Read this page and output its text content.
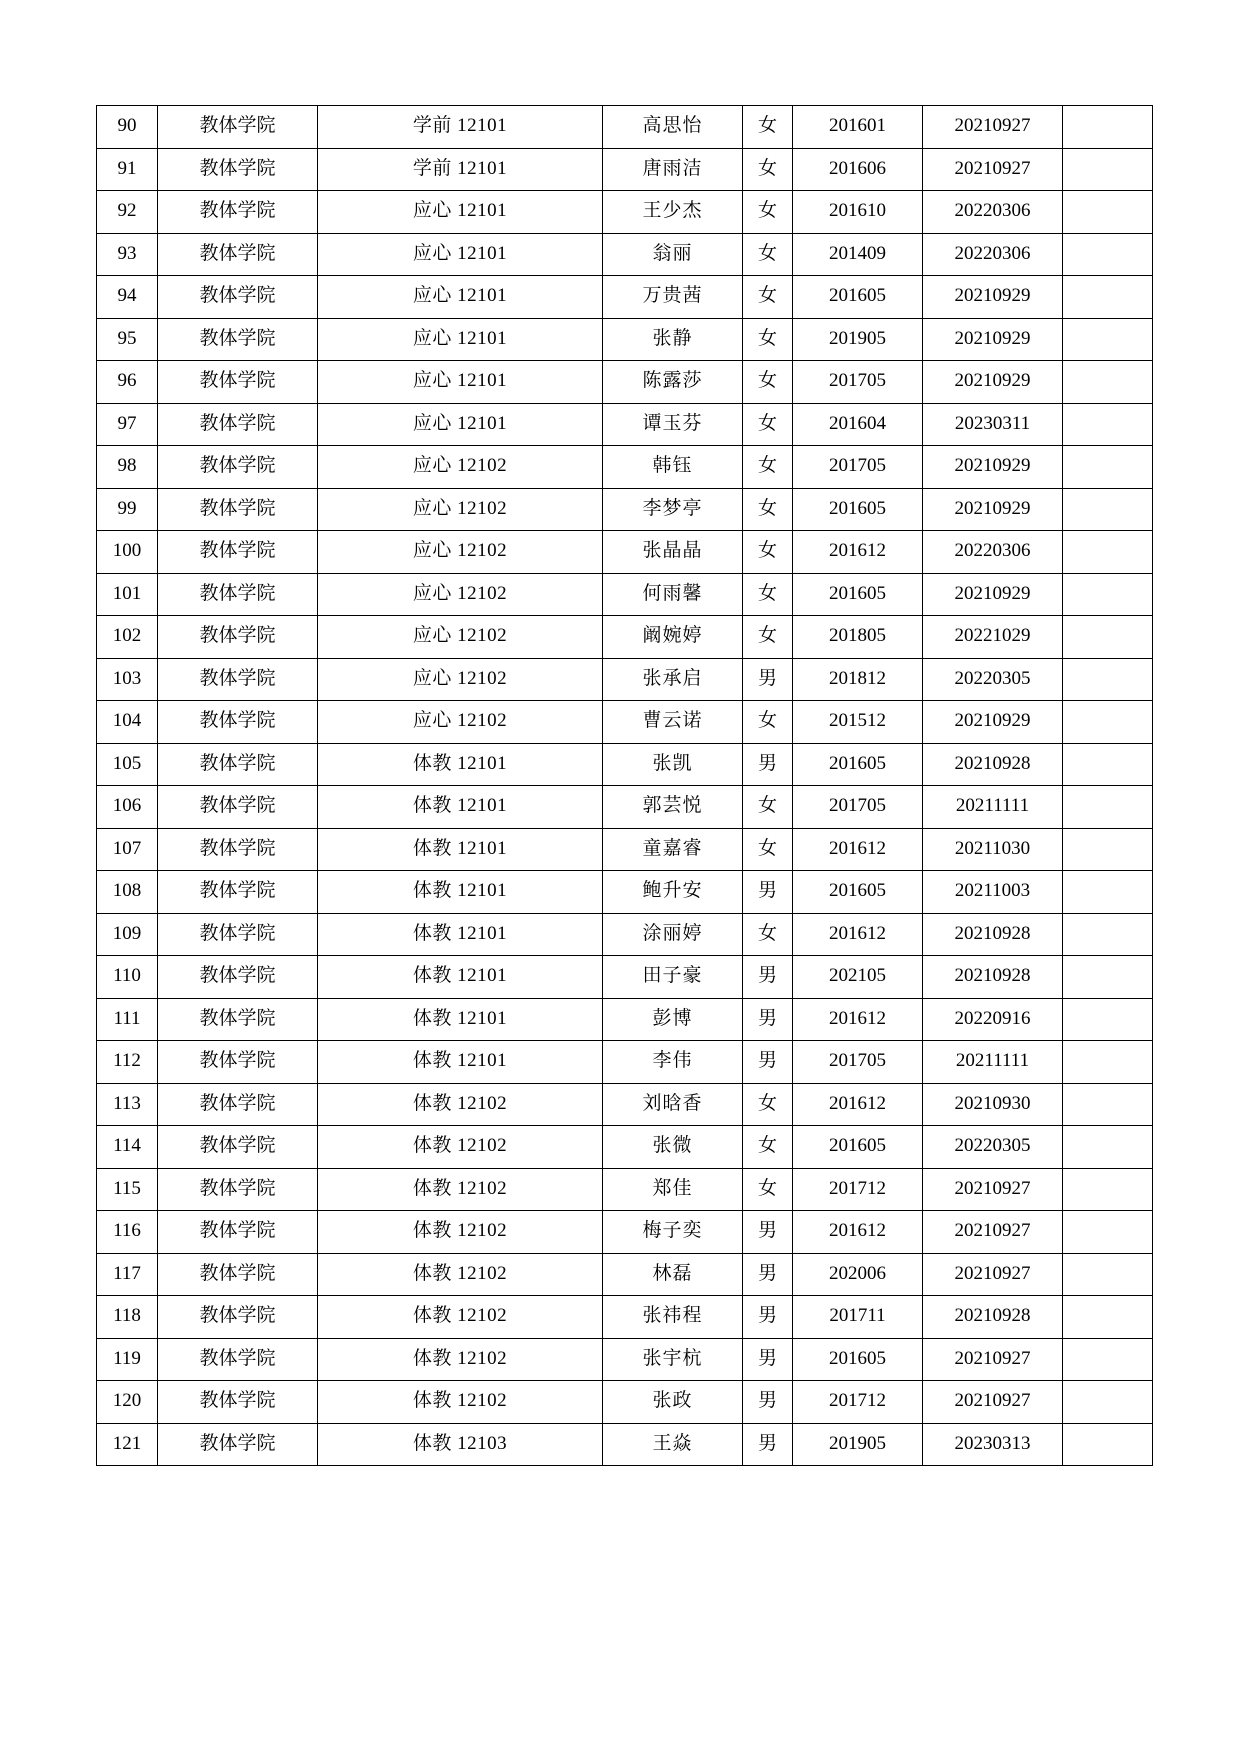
90	教体学院	学前 12101	高思怡	女	201601	20210927	
91	教体学院	学前 12101	唐雨洁	女	201606	20210927	
92	教体学院	应心 12101	王少杰	女	201610	20220306	
93	教体学院	应心 12101	翁丽	女	201409	20220306	
94	教体学院	应心 12101	万贵茜	女	201605	20210929	
95	教体学院	应心 12101	张静	女	201905	20210929	
96	教体学院	应心 12101	陈露莎	女	201705	20210929	
97	教体学院	应心 12101	谭玉芬	女	201604	20230311	
98	教体学院	应心 12102	韩钰	女	201705	20210929	
99	教体学院	应心 12102	李梦亭	女	201605	20210929	
100	教体学院	应心 12102	张晶晶	女	201612	20220306	
101	教体学院	应心 12102	何雨馨	女	201605	20210929	
102	教体学院	应心 12102	阚婉婷	女	201805	20221029	
103	教体学院	应心 12102	张承启	男	201812	20220305	
104	教体学院	应心 12102	曹云诺	女	201512	20210929	
105	教体学院	体教 12101	张凯	男	201605	20210928	
106	教体学院	体教 12101	郭芸悦	女	201705	20211111	
107	教体学院	体教 12101	童嘉睿	女	201612	20211030	
108	教体学院	体教 12101	鲍升安	男	201605	20211003	
109	教体学院	体教 12101	涂丽婷	女	201612	20210928	
110	教体学院	体教 12101	田子豪	男	202105	20210928	
111	教体学院	体教 12101	彭博	男	201612	20220916	
112	教体学院	体教 12101	李伟	男	201705	20211111	
113	教体学院	体教 12102	刘晗香	女	201612	20210930	
114	教体学院	体教 12102	张微	女	201605	20220305	
115	教体学院	体教 12102	郑佳	女	201712	20210927	
116	教体学院	体教 12102	梅子奕	男	201612	20210927	
117	教体学院	体教 12102	林磊	男	202006	20210927	
118	教体学院	体教 12102	张祎程	男	201711	20210928	
119	教体学院	体教 12102	张宇杭	男	201605	20210927	
120	教体学院	体教 12102	张政	男	201712	20210927	
121	教体学院	体教 12103	王焱	男	201905	20230313	
